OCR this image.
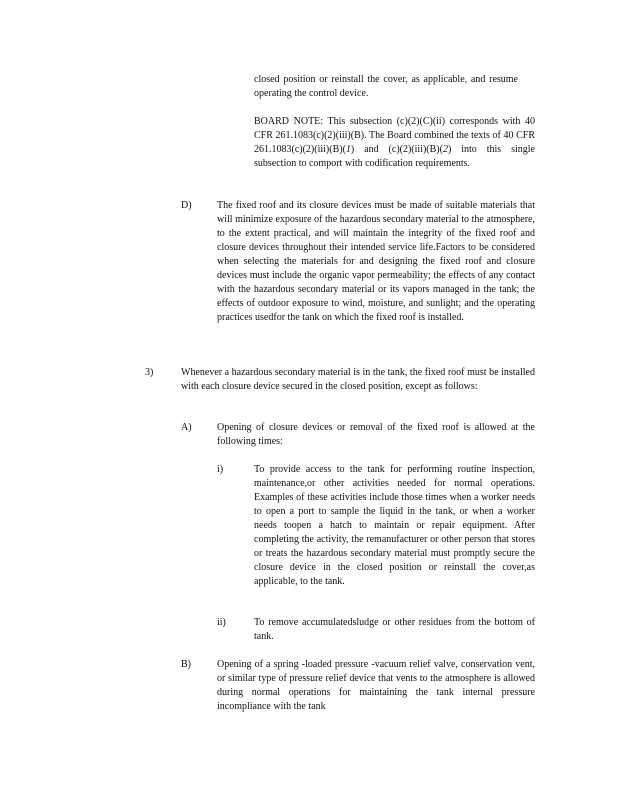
closed position or reinstall the cover, as applicable, and resume operating the control device.

BOARD NOTE: This subsection (c)(2)(C)(ii) corresponds with 40 CFR 261.1083(c)(2)(iii)(B). The Board combined the texts of 40 CFR 261.1083(c)(2)(iii)(B)(1) and (c)(2)(iii)(B)(2) into this single subsection to comport with codification requirements.

D)	The fixed roof and its closure devices must be made of suitable materials that will minimize exposure of the hazardous secondary material to the atmosphere, to the extent practical, and will maintain the integrity of the fixed roof and closure devices throughout their intended service life.Factors to be considered when selecting the materials for and designing the fixed roof and closure devices must include the organic vapor permeability; the effects of any contact with the hazardous secondary material or its vapors managed in the tank; the effects of outdoor exposure to wind, moisture, and sunlight; and the operating practices usedfor the tank on which the fixed roof is installed.

3)	Whenever a hazardous secondary material is in the tank, the fixed roof must be installed with each closure device secured in the closed position, except as follows:

A)	Opening of closure devices or removal of the fixed roof is allowed at the following times:

i)	To provide access to the tank for performing routine inspection, maintenance,or other activities needed for normal operations. Examples of these activities include those times when a worker needs to open a port to sample the liquid in the tank, or when a worker needs toopen a hatch to maintain or repair equipment. After completing the activity, the remanufacturer or other person that stores or treats the hazardous secondary material must promptly secure the closure device in the closed position or reinstall the cover,as applicable, to the tank.

ii)	To remove accumulatedsludge or other residues from the bottom of tank.

B)	Opening of a spring -loaded pressure -vacuum relief valve, conservation vent, or similar type of pressure relief device that vents to the atmosphere is allowed during normal operations for maintaining the tank internal pressure incompliance with the tank
